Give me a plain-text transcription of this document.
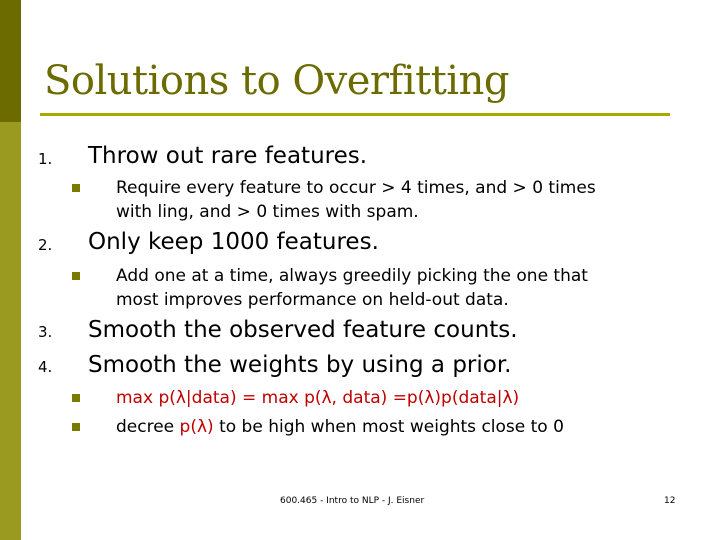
Solutions to Overfitting
1. Throw out rare features.
Require every feature to occur > 4 times, and > 0 times
with ling, and > 0 times with spam.
2. Only keep 1000 features.
Add one at a time, always greedily picking the one that
most improves performance on held-out data.
3. Smooth the observed feature counts.
4. Smooth the weights by using a prior.
max p(λ|data) = max p(λ, data) =p(λ)p(data|λ)
decree p(λ) to be high when most weights close to 0
600.465 - Intro to NLP - J. Eisner	12
